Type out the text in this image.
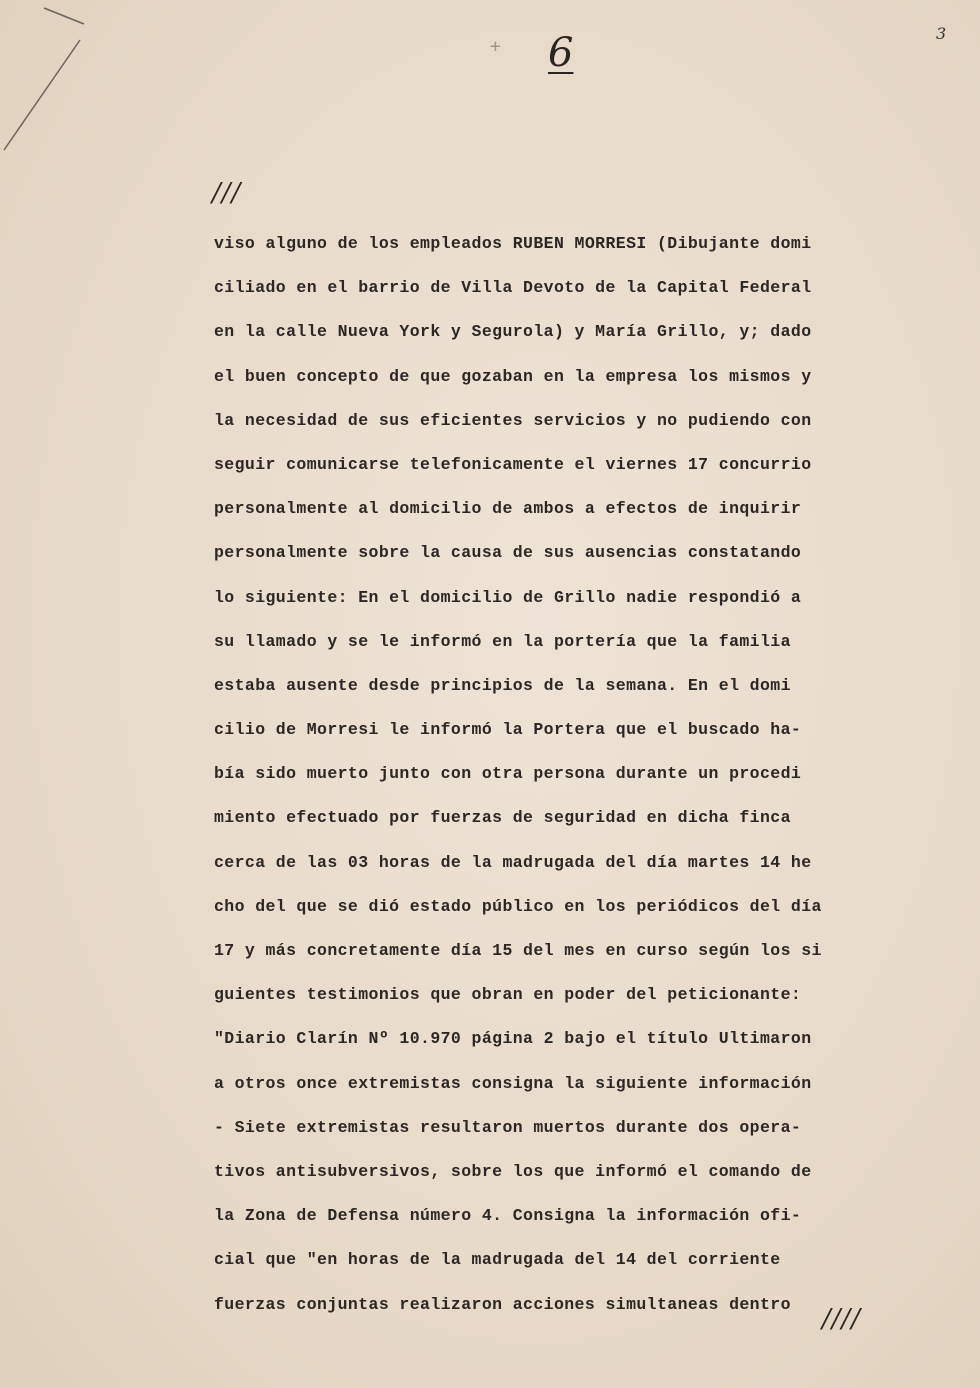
+ 6	3
///
viso alguno de los empleados RUBEN MORRESI (Dibujante domi
ciliado en el barrio de Villa Devoto de la Capital Federal
en la calle Nueva York y Segurola) y María Grillo, y; dado
el buen concepto de que gozaban en la empresa los mismos y
la necesidad de sus eficientes servicios y no pudiendo con
seguir comunicarse telefonicamente el viernes 17 concurrio
personalmente al domicilio de ambos a efectos de inquirir
personalmente sobre la causa de sus ausencias constatando
lo siguiente: En el domicilio de Grillo nadie respondió a
su llamado y se le informó en la portería que la familia
estaba ausente desde principios de la semana. En el domi
cilio de Morresi le informó la Portera que el buscado ha-
bía sido muerto junto con otra persona durante un procedi
miento efectuado por fuerzas de seguridad en dicha finca
cerca de las 03 horas de la madrugada del día martes 14 he
cho del que se dió estado público en los periódicos del día
17 y más concretamente día 15 del mes en curso según los si
guientes testimonios que obran en poder del peticionante:
"Diario Clarín Nº 10.970 página 2 bajo el título Ultimaron
a otros once extremistas consigna la siguiente información
- Siete extremistas resultaron muertos durante dos opera-
tivos antisubversivos, sobre los que informó el comando de
la Zona de Defensa número 4. Consigna la información ofi-
cial que "en horas de la madrugada del 14 del corriente
fuerzas conjuntas realizaron acciones simultaneas dentro	////
